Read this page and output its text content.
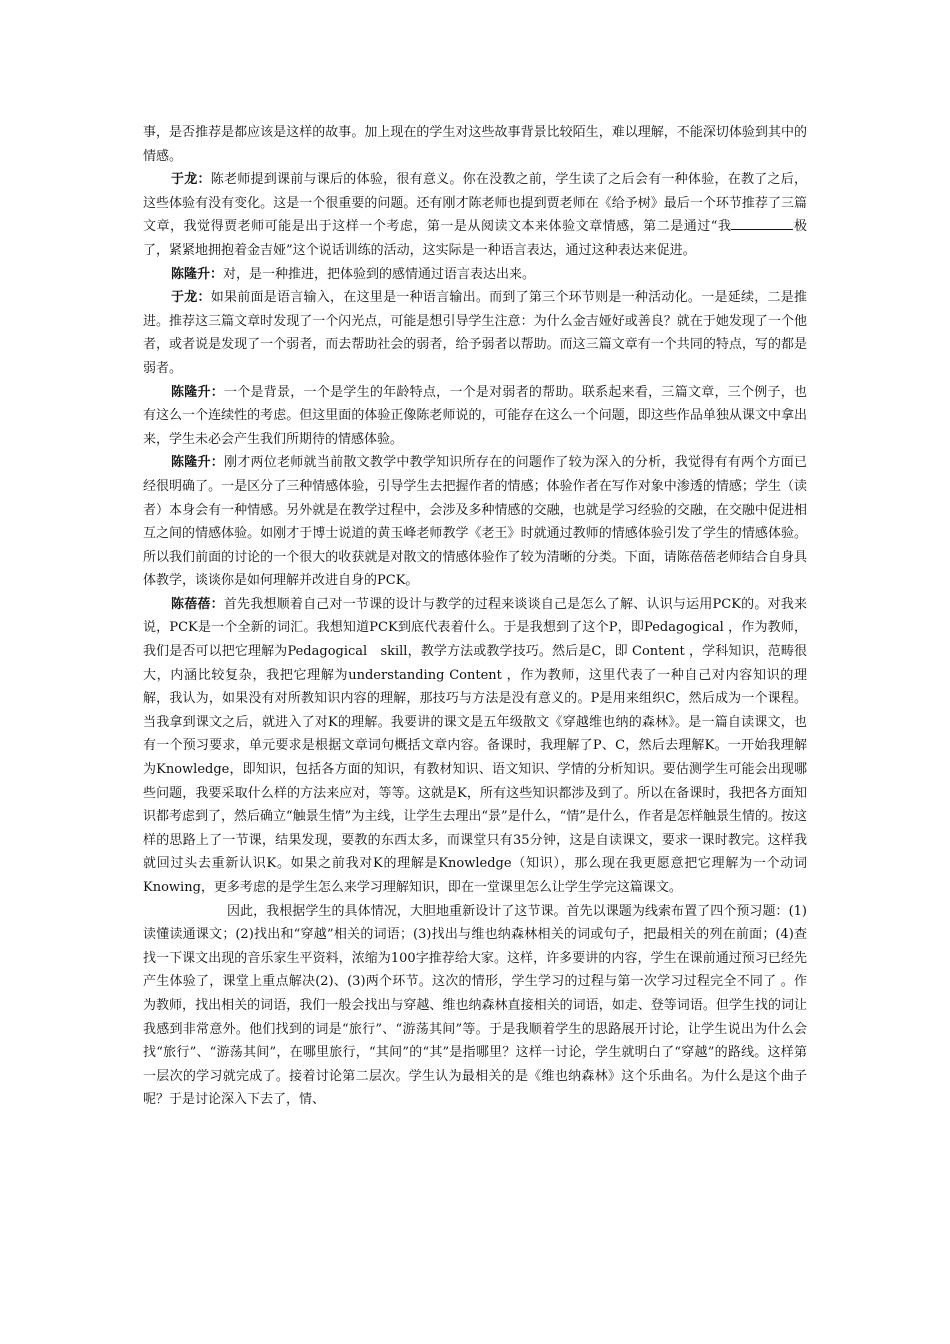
事，是否推荐是都应该是这样的故事。加上现在的学生对这些故事背景比较陌生，难以理解，不能深切体验到其中的情感。

于龙：陈老师提到课前与课后的体验，很有意义。你在没教之前，学生读了之后会有一种体验，在教了之后，这些体验有没有变化。这是一个很重要的问题。还有刚才陈老师也提到贾老师在《给予树》最后一个环节推荐了三篇文章，我觉得贾老师可能是出于这样一个考虑，第一是从阅读文本来体验文章情感，第二是通过“我	极了，紧紧地拥抱着金吉娅”这个说话训练的活动，这实际是一种语言表达，通过这种表达来促进。

陈隆升：对，是一种推进，把体验到的感情通过语言表达出来。

于龙：如果前面是语言输入，在这里是一种语言输出。而到了第三个环节则是一种活动化。一是延续，二是推进。推荐这三篇文章时发现了一个闪光点，可能是想引导学生注意：为什么金吉娅好或善良？就在于她发现了一个他者，或者说是发现了一个弱者，而去帮助社会的弱者，给予弱者以帮助。而这三篇文章有一个共同的特点，写的都是弱者。

陈隆升：一个是背景，一个是学生的年龄特点，一个是对弱者的帮助。联系起来看，三篇文章，三个例子，也有这么一个连续性的考虑。但这里面的体验正像陈老师说的，可能存在这么一个问题，即这些作品单独从课文中拿出来，学生未必会产生我们所期待的情感体验。

陈隆升：刚才两位老师就当前散文教学中教学知识所存在的问题作了较为深入的分析，我觉得有有两个方面已经很明确了。一是区分了三种情感体验，引导学生去把握作者的情感；体验作者在写作对象中渗透的情感；学生（读者）本身会有一种情感。另外就是在教学过程中，会涉及多种情感的交融，也就是学习经验的交融，在交融中促进相互之间的情感体验。如刚才于博士说道的黄玉峰老师教学《老王》时就通过教师的情感体验引发了学生的情感体验。所以我们前面的讨论的一个很大的收获就是对散文的情感体验作了较为清晰的分类。下面，请陈蓓蓓老师结合自身具体教学，谈谈你是如何理解并改进自身的PCK。

陈蓓蓓：首先我想顺着自己对一节课的设计与教学的过程来谈谈自己是怎么了解、认识与运用PCK的。对我来说，PCK是一个全新的词汇。我想知道PCK到底代表着什么。于是我想到了这个P，即Pedagogical ，作为教师，我们是否可以把它理解为Pedagogical　skill，教学方法或教学技巧。然后是C，即 Content ，学科知识，范畴很大，内涵比较复杂，我把它理解为understanding Content ，作为教师，这里代表了一种自己对内容知识的理解，我认为，如果没有对所教知识内容的理解，那技巧与方法是没有意义的。P是用来组织C，然后成为一个课程。当我拿到课文之后，就进入了对K的理解。我要讲的课文是五年级散文《穿越维也纳的森林》。是一篇自读课文，也有一个预习要求，单元要求是根据文章词句概括文章内容。备课时，我理解了P、C，然后去理解K。一开始我理解为Knowledge，即知识，包括各方面的知识，有教材知识、语文知识、学情的分析知识。要估测学生可能会出现哪些问题，我要采取什么样的方法来应对，等等。这就是K，所有这些知识都涉及到了。所以在备课时，我把各方面知识都考虑到了，然后确立“触景生情”为主线，让学生去理出“景”是什么，“情”是什么，作者是怎样触景生情的。按这样的思路上了一节课，结果发现，要教的东西太多，而课堂只有35分钟，这是自读课文，要求一课时教完。这样我就回过头去重新认识K。如果之前我对K的理解是Knowledge（知识），那么现在我更愿意把它理解为一个动词Knowing，更多考虑的是学生怎么来学习理解知识，即在一堂课里怎么让学生学完这篇课文。

因此，我根据学生的具体情况，大胆地重新设计了这节课。首先以课题为线索布置了四个预习题：(1)读懂读通课文；(2)找出和“穿越”相关的词语；(3)找出与维也纳森林相关的词或句子，把最相关的列在前面；(4)查找一下课文出现的音乐家生平资料，浓缩为100字推荐给大家。这样，许多要讲的内容，学生在课前通过预习已经先产生体验了，课堂上重点解决(2)、(3)两个环节。这次的情形，学生学习的过程与第一次学习过程完全不同了 。作为教师，找出相关的词语，我们一般会找出与穿越、维也纳森林直接相关的词语，如走、登等词语。但学生找的词让我感到非常意外。他们找到的词是“旅行”、“游荡其间”等。于是我顺着学生的思路展开讨论，让学生说出为什么会找“旅行”、“游荡其间”，在哪里旅行，“其间”的“其”是指哪里？这样一讨论，学生就明白了“穿越”的路线。这样第一层次的学习就完成了。接着讨论第二层次。学生认为最相关的是《维也纳森林》这个乐曲名。为什么是这个曲子呢？于是讨论深入下去了，情、
